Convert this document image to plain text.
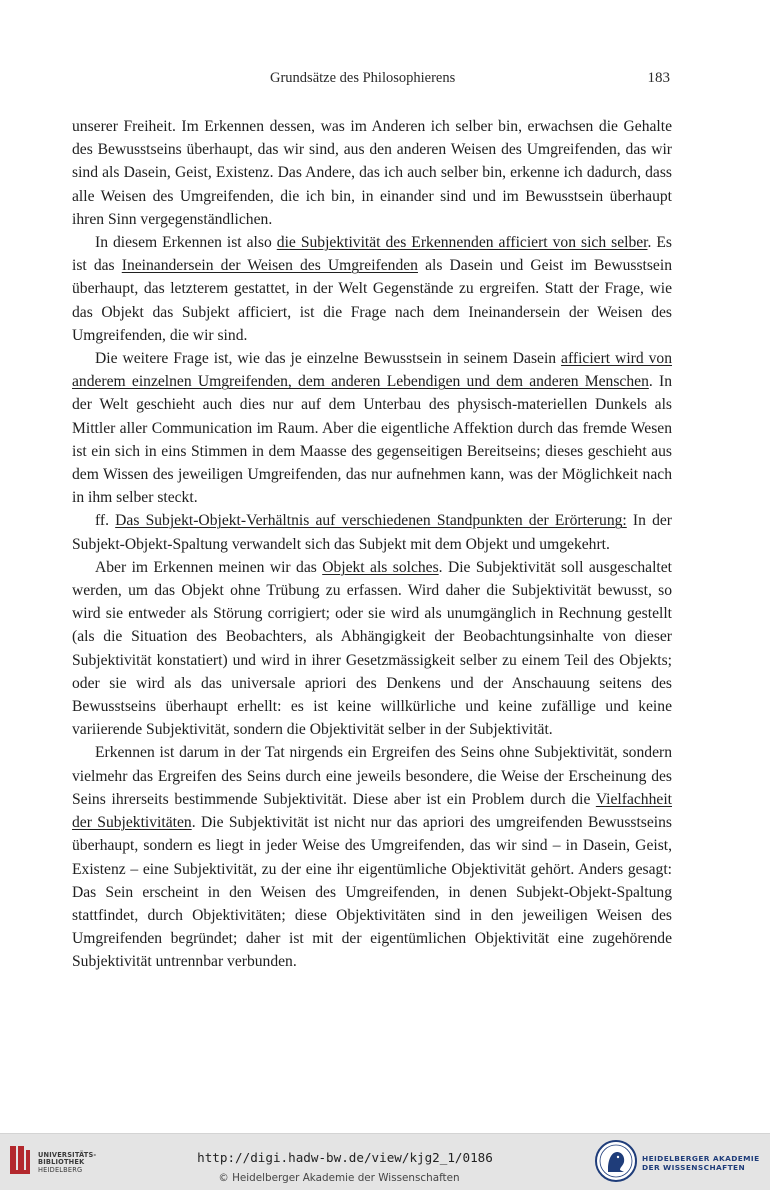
Grundsätze des Philosophierens	183

unserer Freiheit. Im Erkennen dessen, was im Anderen ich selber bin, erwachsen die Gehalte des Bewusstseins überhaupt, das wir sind, aus den anderen Weisen des Umgreifenden, das wir sind als Dasein, Geist, Existenz. Das Andere, das ich auch selber bin, erkenne ich dadurch, dass alle Weisen des Umgreifenden, die ich bin, in einander sind und im Bewusstsein überhaupt ihren Sinn vergegenständlichen.

In diesem Erkennen ist also die Subjektivität des Erkennenden afficiert von sich selber. Es ist das Ineinandersein der Weisen des Umgreifenden als Dasein und Geist im Bewusstsein überhaupt, das letzterem gestattet, in der Welt Gegenstände zu ergreifen. Statt der Frage, wie das Objekt das Subjekt afficiert, ist die Frage nach dem Ineinandersein der Weisen des Umgreifenden, die wir sind.

Die weitere Frage ist, wie das je einzelne Bewusstsein in seinem Dasein afficiert wird von anderem einzelnen Umgreifenden, dem anderen Lebendigen und dem anderen Menschen. In der Welt geschieht auch dies nur auf dem Unterbau des physisch-materiellen Dunkels als Mittler aller Communication im Raum. Aber die eigentliche Affektion durch das fremde Wesen ist ein sich in eins Stimmen in dem Maasse des gegenseitigen Bereitseins; dieses geschieht aus dem Wissen des jeweiligen Umgreifenden, das nur aufnehmen kann, was der Möglichkeit nach in ihm selber steckt.

ff. Das Subjekt-Objekt-Verhältnis auf verschiedenen Standpunkten der Erörterung: In der Subjekt-Objekt-Spaltung verwandelt sich das Subjekt mit dem Objekt und umgekehrt.

Aber im Erkennen meinen wir das Objekt als solches. Die Subjektivität soll ausgeschaltet werden, um das Objekt ohne Trübung zu erfassen. Wird daher die Subjektivität bewusst, so wird sie entweder als Störung corrigiert; oder sie wird als unumgänglich in Rechnung gestellt (als die Situation des Beobachters, als Abhängigkeit der Beobachtungsinhalte von dieser Subjektivität konstatiert) und wird in ihrer Gesetzmässigkeit selber zu einem Teil des Objekts; oder sie wird als das universale apriori des Denkens und der Anschauung seitens des Bewusstseins überhaupt erhellt: es ist keine willkürliche und keine zufällige und keine variierende Subjektivität, sondern die Objektivität selber in der Subjektivität.

Erkennen ist darum in der Tat nirgends ein Ergreifen des Seins ohne Subjektivität, sondern vielmehr das Ergreifen des Seins durch eine jeweils besondere, die Weise der Erscheinung des Seins ihrerseits bestimmende Subjektivität. Diese aber ist ein Problem durch die Vielfachheit der Subjektivitäten. Die Subjektivität ist nicht nur das apriori des umgreifenden Bewusstseins überhaupt, sondern es liegt in jeder Weise des Umgreifenden, das wir sind – in Dasein, Geist, Existenz – eine Subjektivität, zu der eine ihr eigentümliche Objektivität gehört. Anders gesagt: Das Sein erscheint in den Weisen des Umgreifenden, in denen Subjekt-Objekt-Spaltung stattfindet, durch Objektivitäten; diese Objektivitäten sind in den jeweiligen Weisen des Umgreifenden begründet; daher ist mit der eigentümlichen Objektivität eine zugehörende Subjektivität untrennbar verbunden.

UNIVERSITÄTS-
BIBLIOTHEK
HEIDELBERG
http://digi.hadw-bw.de/view/kjg2_1/0186
© Heidelberger Akademie der Wissenschaften
HEIDELBERGER AKADEMIE
DER WISSENSCHAFTEN
